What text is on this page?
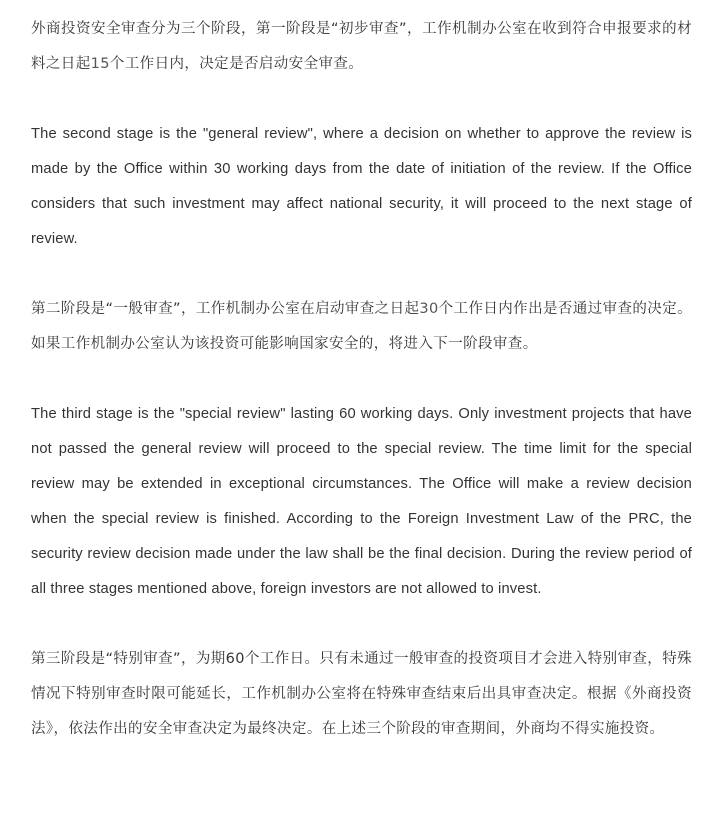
外商投资安全审查分为三个阶段，第一阶段是“初步审查”，工作机制办公室在收到符合申报要求的材料之日起15个工作日内，决定是否启动安全审查。

The second stage is the "general review", where a decision on whether to approve the review is made by the Office within 30 working days from the date of initiation of the review. If the Office considers that such investment may affect national security, it will proceed to the next stage of review.

第二阶段是“一般审查”，工作机制办公室在启动审查之日起30个工作日内作出是否通过审查的决定。如果工作机制办公室认为该投资可能影响国家安全的，将进入下一阶段审查。

The third stage is the "special review" lasting 60 working days. Only investment projects that have not passed the general review will proceed to the special review. The time limit for the special review may be extended in exceptional circumstances. The Office will make a review decision when the special review is finished. According to the Foreign Investment Law of the PRC, the security review decision made under the law shall be the final decision. During the review period of all three stages mentioned above, foreign investors are not allowed to invest.

第三阶段是“特别审查”，为期60个工作日。只有未通过一般审查的投资项目才会进入特别审查，特殊情况下特别审查时限可能延长，工作机制办公室将在特殊审查结束后出具审查决定。根据《外商投资法》，依法作出的安全审查决定为最终决定。在上述三个阶段的审查期间，外商均不得实施投资。
